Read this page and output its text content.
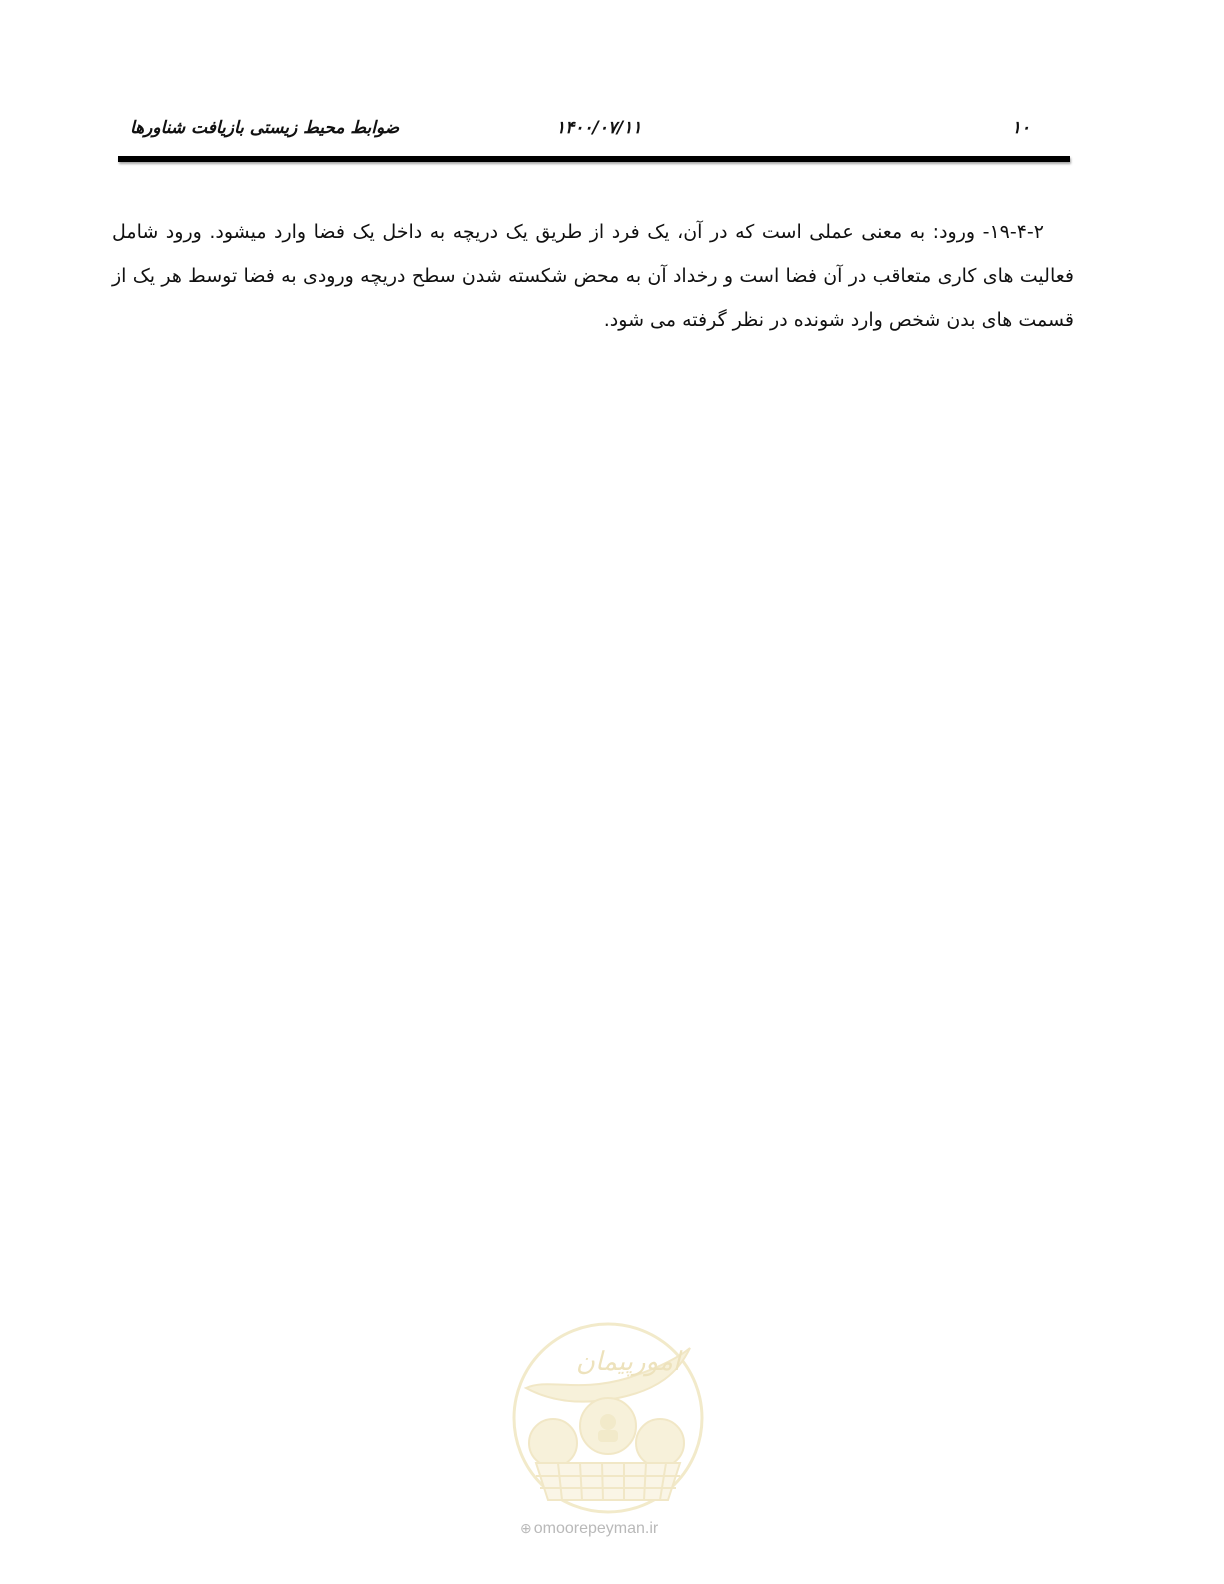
۱۰
۱۴۰۰/۰۷/۱۱
ضوابط محیط زیستی بازیافت شناورها

۱۹-۴-۲- ورود: به معنی عملی است که در آن، یک فرد از طریق یک دریچه به داخل یک فضا وارد میشود. ورود شامل فعالیت های کاری متعاقب در آن فضا است و رخداد آن به محض شکسته شدن سطح دریچه ورودی به فضا توسط هر یک از قسمت های بدن شخص وارد شونده در نظر گرفته می شود.

امورپیمان
⊕ omoorepeyman.ir
